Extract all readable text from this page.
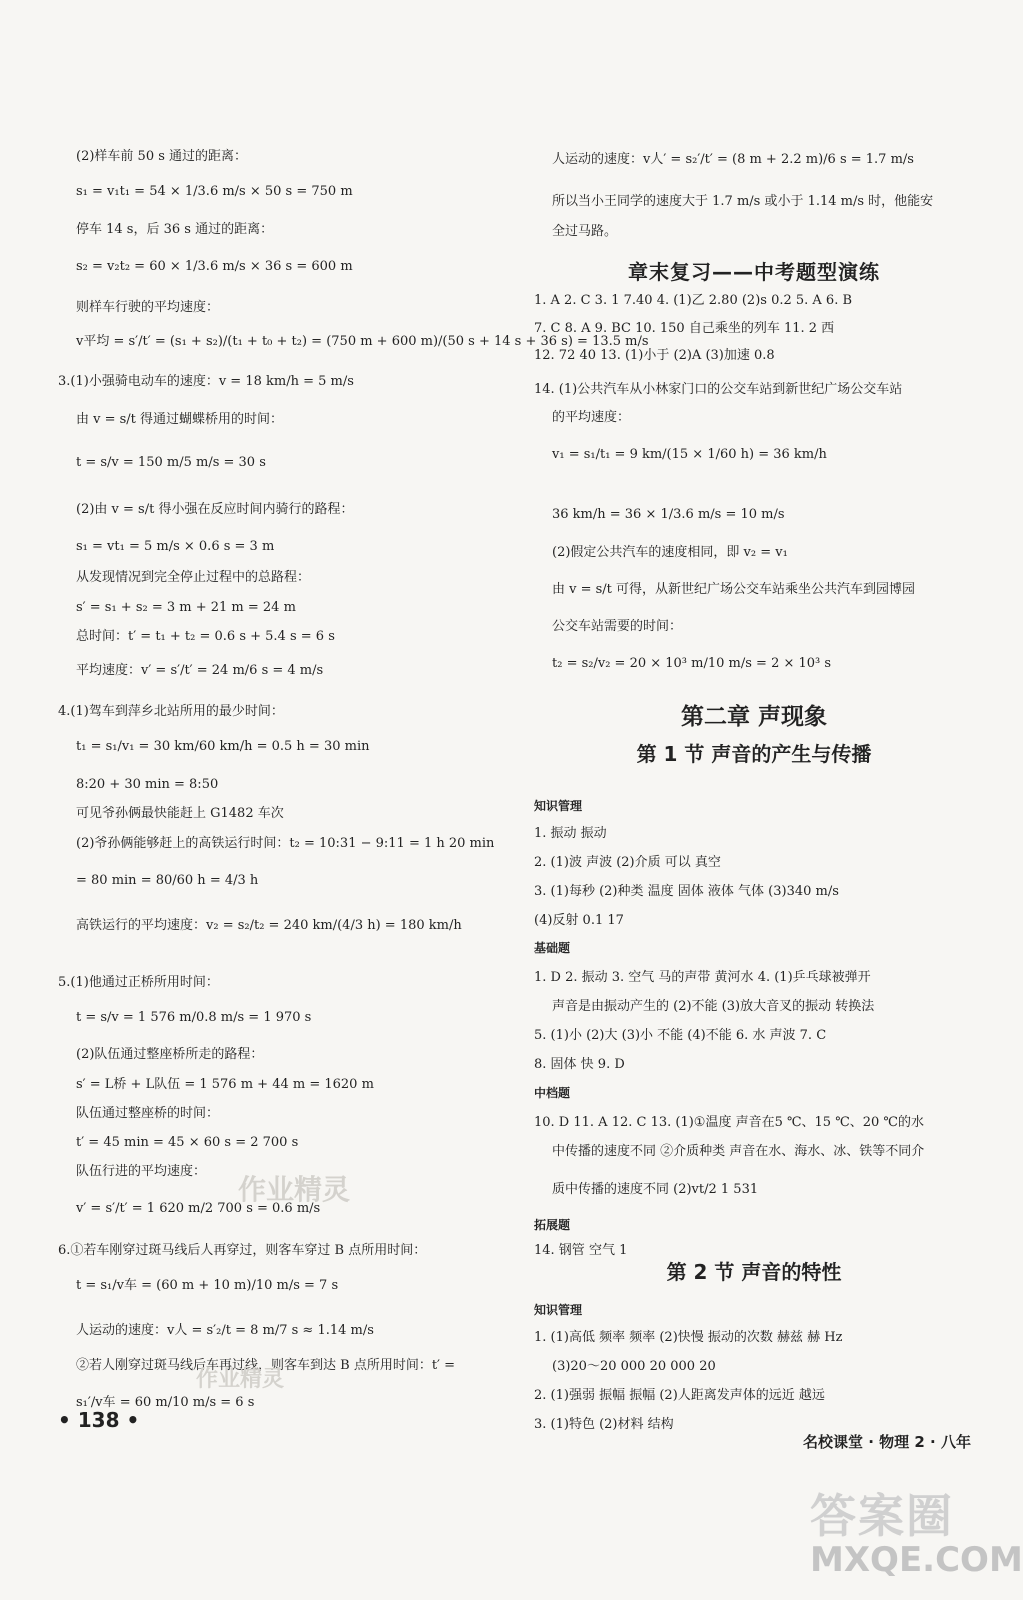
(2)样车前 50 s 通过的距离：
s₁ = v₁t₁ = 54 × 1/3.6 m/s × 50 s = 750 m
停车 14 s，后 36 s 通过的距离：
s₂ = v₂t₂ = 60 × 1/3.6 m/s × 36 s = 600 m
则样车行驶的平均速度：
v平均 = s′/t′ = (s₁ + s₂)/(t₁ + t₀ + t₂) = (750 m + 600 m)/(50 s + 14 s + 36 s) = 13.5 m/s
3.(1)小强骑电动车的速度：v = 18 km/h = 5 m/s
由 v = s/t 得通过蝴蝶桥用的时间：
t = s/v = 150 m/5 m/s = 30 s
(2)由 v = s/t 得小强在反应时间内骑行的路程：
s₁ = vt₁ = 5 m/s × 0.6 s = 3 m
从发现情况到完全停止过程中的总路程：
s′ = s₁ + s₂ = 3 m + 21 m = 24 m
总时间：t′ = t₁ + t₂ = 0.6 s + 5.4 s = 6 s
平均速度：v′ = s′/t′ = 24 m/6 s = 4 m/s
4.(1)驾车到萍乡北站所用的最少时间：
t₁ = s₁/v₁ = 30 km/60 km/h = 0.5 h = 30 min
8:20 + 30 min = 8:50
可见爷孙俩最快能赶上 G1482 车次
(2)爷孙俩能够赶上的高铁运行时间：t₂ = 10:31 − 9:11 = 1 h 20 min
= 80 min = 80/60 h = 4/3 h
高铁运行的平均速度：v₂ = s₂/t₂ = 240 km/(4/3 h) = 180 km/h
5.(1)他通过正桥所用时间：
t = s/v = 1 576 m/0.8 m/s = 1 970 s
(2)队伍通过整座桥所走的路程：
s′ = L桥 + L队伍 = 1 576 m + 44 m = 1620 m
队伍通过整座桥的时间：
t′ = 45 min = 45 × 60 s = 2 700 s
队伍行进的平均速度：
v′ = s′/t′ = 1 620 m/2 700 s = 0.6 m/s
6.①若车刚穿过斑马线后人再穿过，则客车穿过 B 点所用时间：
t = s₁/v车 = (60 m + 10 m)/10 m/s = 7 s
人运动的速度：v人 = s′₂/t = 8 m/7 s ≈ 1.14 m/s
②若人刚穿过斑马线后车再过线，则客车到达 B 点所用时间：t′ =
s₁′/v车 = 60 m/10 m/s = 6 s
• 138 •
人运动的速度：v人′ = s₂′/t′ = (8 m + 2.2 m)/6 s = 1.7 m/s
所以当小王同学的速度大于 1.7 m/s 或小于 1.14 m/s 时，他能安
全过马路。
章末复习——中考题型演练
1. A 2. C 3. 1 7.40 4. (1)乙 2.80 (2)s 0.2 5. A 6. B
7. C 8. A 9. BC 10. 150 自己乘坐的列车 11. 2 西
12. 72 40 13. (1)小于 (2)A (3)加速 0.8
14. (1)公共汽车从小林家门口的公交车站到新世纪广场公交车站
的平均速度：
v₁ = s₁/t₁ = 9 km/(15 × 1/60 h) = 36 km/h
36 km/h = 36 × 1/3.6 m/s = 10 m/s
(2)假定公共汽车的速度相同，即 v₂ = v₁
由 v = s/t 可得，从新世纪广场公交车站乘坐公共汽车到园博园
公交车站需要的时间：
t₂ = s₂/v₂ = 20 × 10³ m/10 m/s = 2 × 10³ s
第二章 声现象
第 1 节 声音的产生与传播
知识管理
1. 振动 振动
2. (1)波 声波 (2)介质 可以 真空
3. (1)每秒 (2)种类 温度 固体 液体 气体 (3)340 m/s
(4)反射 0.1 17
基础题
1. D 2. 振动 3. 空气 马的声带 黄河水 4. (1)乒乓球被弹开
声音是由振动产生的 (2)不能 (3)放大音叉的振动 转换法
5. (1)小 (2)大 (3)小 不能 (4)不能 6. 水 声波 7. C
8. 固体 快 9. D
中档题
10. D 11. A 12. C 13. (1)①温度 声音在5 ℃、15 ℃、20 ℃的水
中传播的速度不同 ②介质种类 声音在水、海水、冰、铁等不同介
质中传播的速度不同 (2)vt/2 1 531
拓展题
14. 钢管 空气 1
第 2 节 声音的特性
知识管理
1. (1)高低 频率 频率 (2)快慢 振动的次数 赫兹 赫 Hz
(3)20～20 000 20 000 20
2. (1)强弱 振幅 振幅 (2)人距离发声体的远近 越远
3. (1)特色 (2)材料 结构
名校课堂 · 物理 2 · 八年
作业精灵
作业精灵
答案圈
MXQE.COM
